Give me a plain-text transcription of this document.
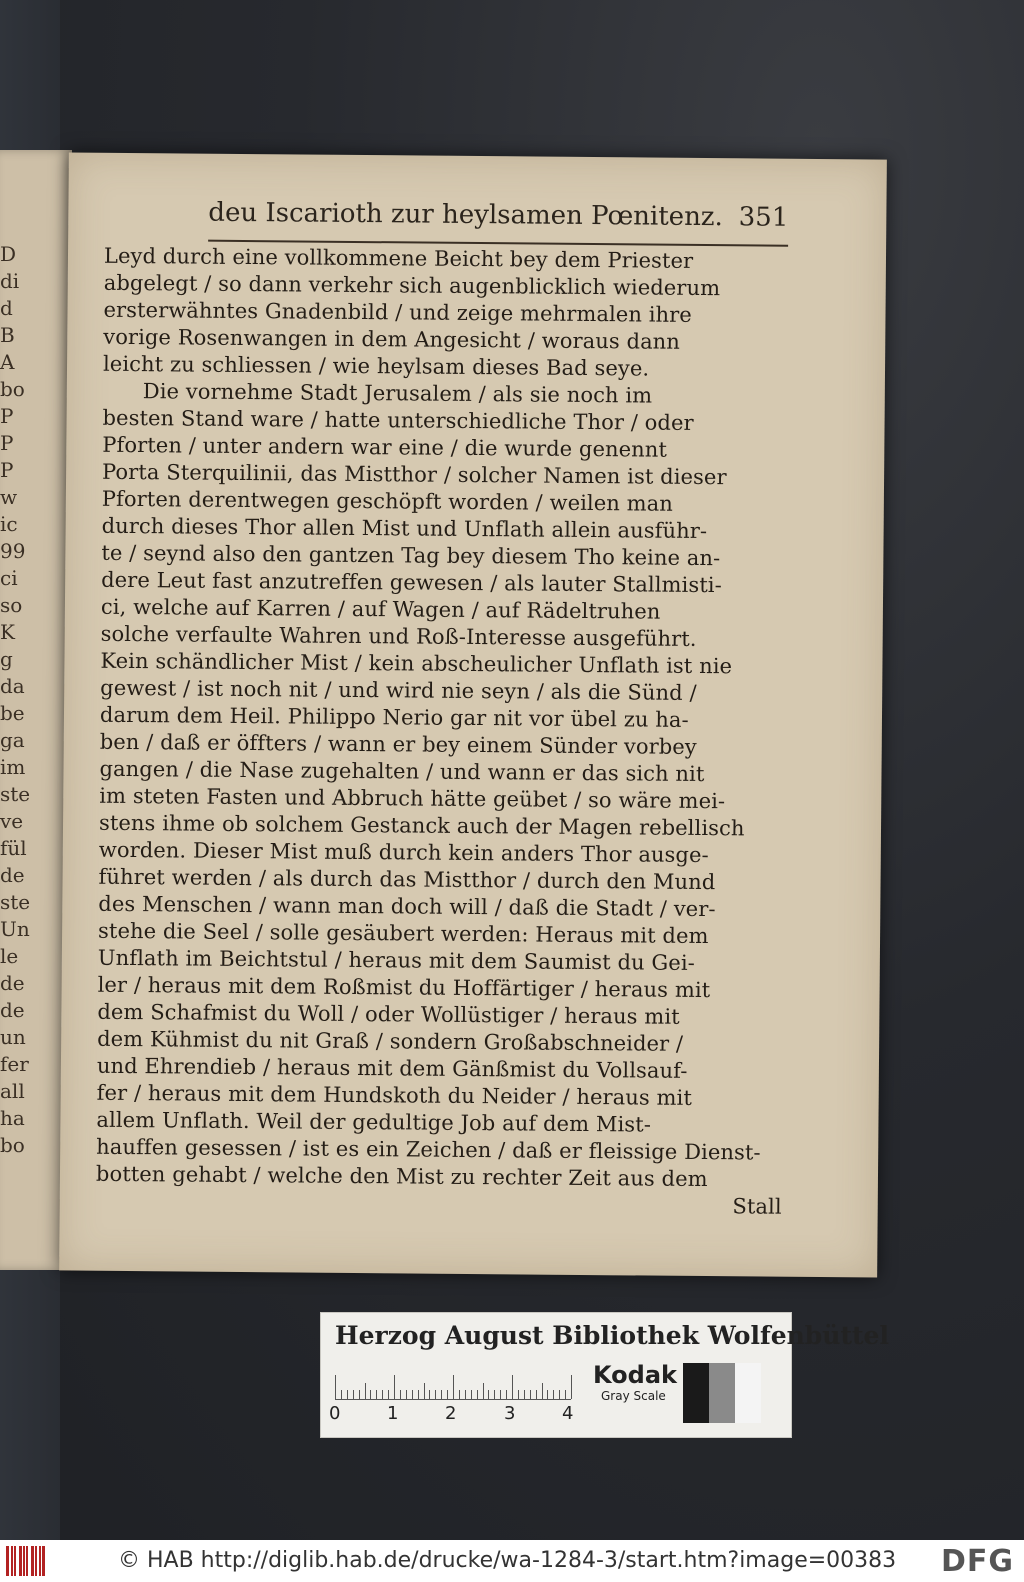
D
di
d
B
A
bo
P
P
P
w
ic
99
ci
so
K
g
da
be
ga
im
ste
ve
fül
de
ste
Un
le
de
de
un
fer
all
ha
bo
deu Iscarioth zur heylsamen Pœnitenz. 351
Leyd durch eine vollkommene Beicht bey dem Priester
abgelegt / so dann verkehr sich augenblicklich wiederum
ersterwähntes Gnadenbild / und zeige mehrmalen ihre
vorige Rosenwangen in dem Angesicht / woraus dann
leicht zu schliessen / wie heylsam dieses Bad seye.
Die vornehme Stadt Jerusalem / als sie noch im
besten Stand ware / hatte unterschiedliche Thor / oder
Pforten / unter andern war eine / die wurde genennt
Porta Sterquilinii, das Mistthor / solcher Namen ist dieser
Pforten derentwegen geschöpft worden / weilen man
durch dieses Thor allen Mist und Unflath allein ausführ-
te / seynd also den gantzen Tag bey diesem Tho keine an-
dere Leut fast anzutreffen gewesen / als lauter Stallmisti-
ci, welche auf Karren / auf Wagen / auf Rädeltruhen
solche verfaulte Wahren und Roß-Interesse ausgeführt.
Kein schändlicher Mist / kein abscheulicher Unflath ist nie
gewest / ist noch nit / und wird nie seyn / als die Sünd /
darum dem Heil. Philippo Nerio gar nit vor übel zu ha-
ben / daß er öffters / wann er bey einem Sünder vorbey
gangen / die Nase zugehalten / und wann er das sich nit
im steten Fasten und Abbruch hätte geübet / so wäre mei-
stens ihme ob solchem Gestanck auch der Magen rebellisch
worden. Dieser Mist muß durch kein anders Thor ausge-
führet werden / als durch das Mistthor / durch den Mund
des Menschen / wann man doch will / daß die Stadt / ver-
stehe die Seel / solle gesäubert werden: Heraus mit dem
Unflath im Beichtstul / heraus mit dem Saumist du Gei-
ler / heraus mit dem Roßmist du Hoffärtiger / heraus mit
dem Schafmist du Woll / oder Wollüstiger / heraus mit
dem Kühmist du nit Graß / sondern Großabschneider /
und Ehrendieb / heraus mit dem Gänßmist du Vollsauf-
fer / heraus mit dem Hundskoth du Neider / heraus mit
allem Unflath. Weil der gedultige Job auf dem Mist-
hauffen gesessen / ist es ein Zeichen / daß er fleissige Dienst-
botten gehabt / welche den Mist zu rechter Zeit aus dem
Stall
Herzog August Bibliothek Wolfenbüttel
0	1	2	3	4
Kodak
Gray Scale
© HAB http://diglib.hab.de/drucke/wa-1284-3/start.htm?image=00383 DFG
